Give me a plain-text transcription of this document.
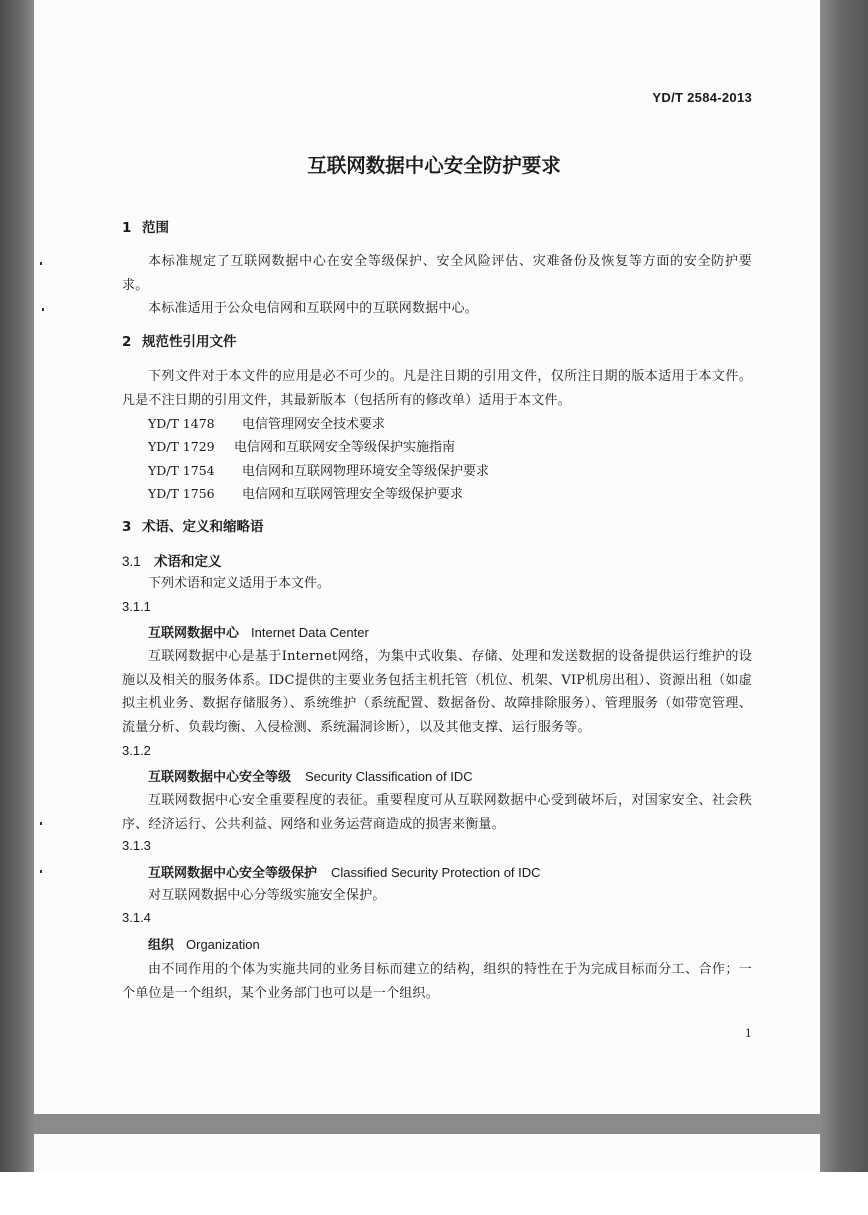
YD/T 2584-2013
互联网数据中心安全防护要求
1 范围
本标准规定了互联网数据中心在安全等级保护、安全风险评估、灾难备份及恢复等方面的安全防护要求。
本标准适用于公众电信网和互联网中的互联网数据中心。
2 规范性引用文件
下列文件对于本文件的应用是必不可少的。凡是注日期的引用文件，仅所注日期的版本适用于本文件。凡是不注日期的引用文件，其最新版本（包括所有的修改单）适用于本文件。
YD/T 1478 电信管理网安全技术要求
YD/T 1729 电信网和互联网安全等级保护实施指南
YD/T 1754 电信网和互联网物理环境安全等级保护要求
YD/T 1756 电信网和互联网管理安全等级保护要求
3 术语、定义和缩略语
3.1 术语和定义
下列术语和定义适用于本文件。
3.1.1
互联网数据中心 Internet Data Center
互联网数据中心是基于Internet网络，为集中式收集、存储、处理和发送数据的设备提供运行维护的设施以及相关的服务体系。IDC提供的主要业务包括主机托管（机位、机架、VIP机房出租）、资源出租（如虚拟主机业务、数据存储服务）、系统维护（系统配置、数据备份、故障排除服务）、管理服务（如带宽管理、流量分析、负载均衡、入侵检测、系统漏洞诊断），以及其他支撑、运行服务等。
3.1.2
互联网数据中心安全等级 Security Classification of IDC
互联网数据中心安全重要程度的表征。重要程度可从互联网数据中心受到破坏后，对国家安全、社会秩序、经济运行、公共利益、网络和业务运营商造成的损害来衡量。
3.1.3
互联网数据中心安全等级保护 Classified Security Protection of IDC
对互联网数据中心分等级实施安全保护。
3.1.4
组织 Organization
由不同作用的个体为实施共同的业务目标而建立的结构，组织的特性在于为完成目标而分工、合作；一个单位是一个组织，某个业务部门也可以是一个组织。
1
